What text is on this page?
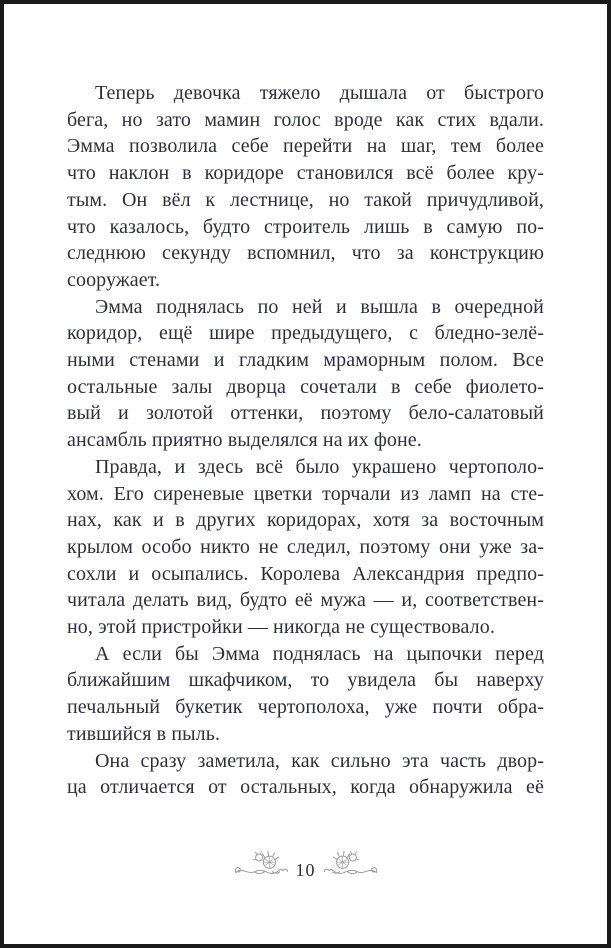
Теперь девочка тяжело дышала от быстрого
бега, но зато мамин голос вроде как стих вдали.
Эмма позволила себе перейти на шаг, тем более
что наклон в коридоре становился всё более кру-
тым. Он вёл к лестнице, но такой причудливой,
что казалось, будто строитель лишь в самую по-
следнюю секунду вспомнил, что за конструкцию
сооружает.
Эмма поднялась по ней и вышла в очередной
коридор, ещё шире предыдущего, с бледно-зелё-
ными стенами и гладким мраморным полом. Все
остальные залы дворца сочетали в себе фиолето-
вый и золотой оттенки, поэтому бело-салатовый
ансамбль приятно выделялся на их фоне.
Правда, и здесь всё было украшено чертополо-
хом. Его сиреневые цветки торчали из ламп на сте-
нах, как и в других коридорах, хотя за восточным
крылом особо никто не следил, поэтому они уже за-
сохли и осыпались. Королева Александрия предпо-
читала делать вид, будто её мужа — и, соответствен-
но, этой пристройки — никогда не существовало.
А если бы Эмма поднялась на цыпочки перед
ближайшим шкафчиком, то увидела бы наверху
печальный букетик чертополоха, уже почти обра-
тившийся в пыль.
Она сразу заметила, как сильно эта часть двор-
ца отличается от остальных, когда обнаружила её
10
